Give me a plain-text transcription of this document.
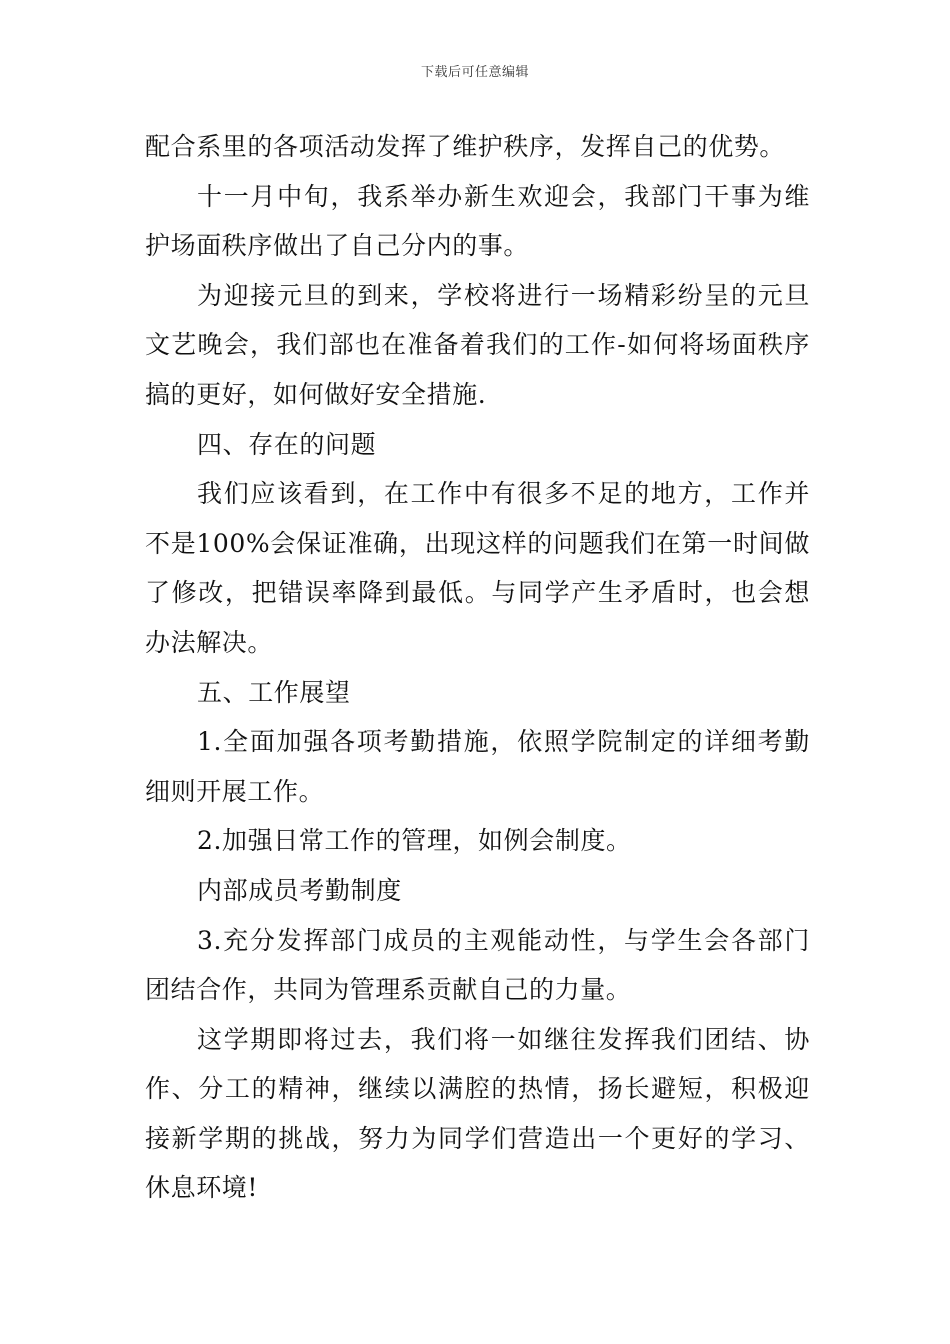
下载后可任意编辑

配合系里的各项活动发挥了维护秩序，发挥自己的优势。

十一月中旬，我系举办新生欢迎会，我部门干事为维护场面秩序做出了自己分内的事。

为迎接元旦的到来，学校将进行一场精彩纷呈的元旦文艺晚会，我们部也在准备着我们的工作-如何将场面秩序搞的更好，如何做好安全措施.

四、存在的问题

我们应该看到，在工作中有很多不足的地方，工作并不是100%会保证准确，出现这样的问题我们在第一时间做了修改，把错误率降到最低。与同学产生矛盾时，也会想办法解决。

五、工作展望

1.全面加强各项考勤措施，依照学院制定的详细考勤细则开展工作。

2.加强日常工作的管理，如例会制度。

内部成员考勤制度

3.充分发挥部门成员的主观能动性，与学生会各部门团结合作，共同为管理系贡献自己的力量。

这学期即将过去，我们将一如继往发挥我们团结、协作、分工的精神，继续以满腔的热情，扬长避短，积极迎接新学期的挑战，努力为同学们营造出一个更好的学习、休息环境!
